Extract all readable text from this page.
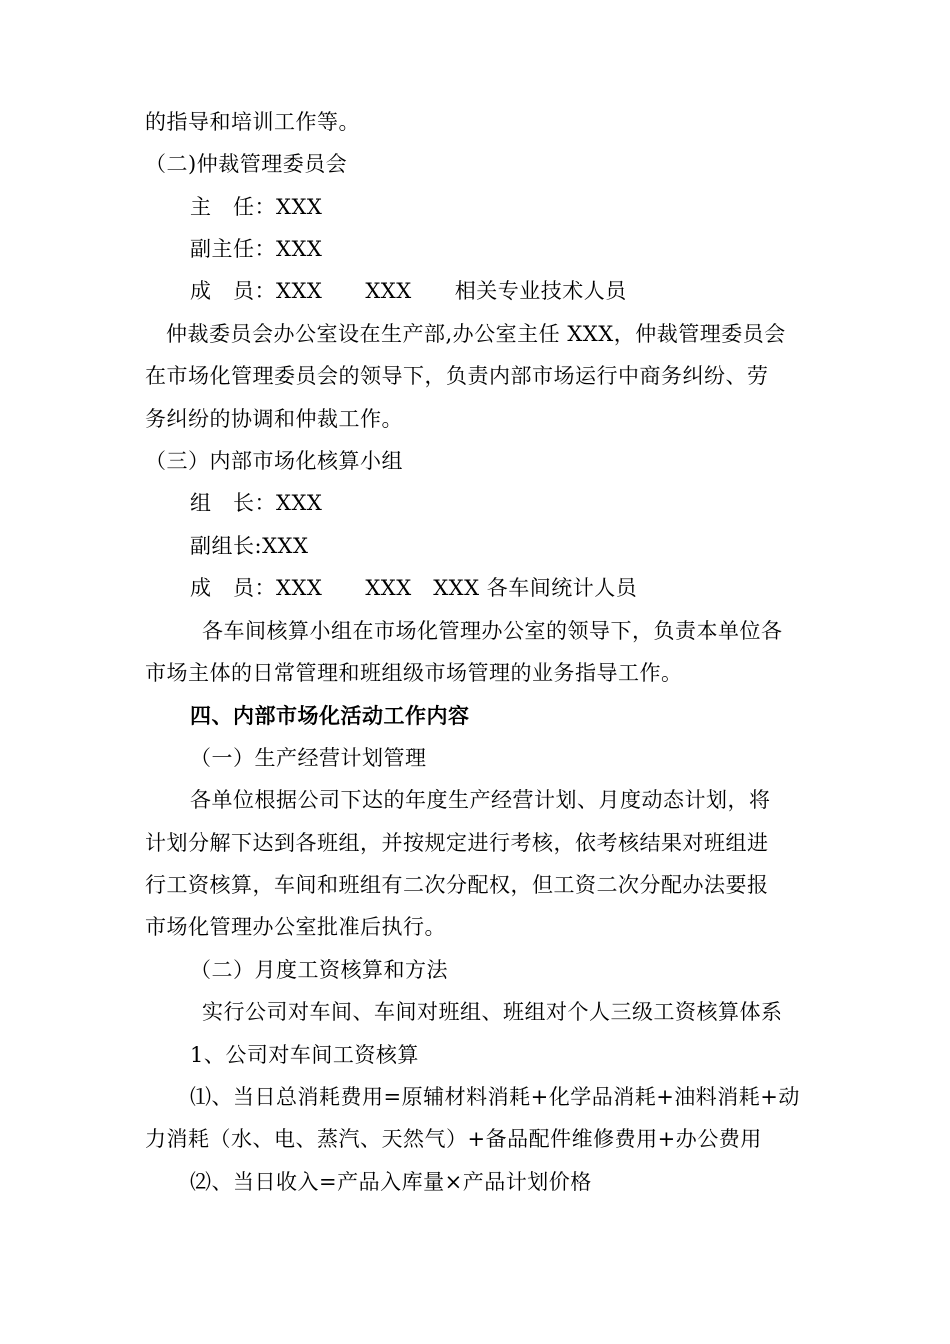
的指导和培训工作等。
（二)仲裁管理委员会
主　任：XXX
副主任：XXX
成　员：XXX　　XXX　　相关专业技术人员
仲裁委员会办公室设在生产部,办公室主任 XXX，仲裁管理委员会
在市场化管理委员会的领导下，负责内部市场运行中商务纠纷、劳
务纠纷的协调和仲裁工作。
（三）内部市场化核算小组
组　长：XXX
副组长:XXX
成　员：XXX　　XXX　XXX 各车间统计人员
各车间核算小组在市场化管理办公室的领导下，负责本单位各
市场主体的日常管理和班组级市场管理的业务指导工作。
四、内部市场化活动工作内容
（一）生产经营计划管理
各单位根据公司下达的年度生产经营计划、月度动态计划，将
计划分解下达到各班组，并按规定进行考核，依考核结果对班组进
行工资核算，车间和班组有二次分配权，但工资二次分配办法要报
市场化管理办公室批准后执行。
（二）月度工资核算和方法
实行公司对车间、车间对班组、班组对个人三级工资核算体系
1、公司对车间工资核算
⑴、当日总消耗费用=原辅材料消耗+化学品消耗+油料消耗+动
力消耗（水、电、蒸汽、天然气）+备品配件维修费用+办公费用
⑵、当日收入=产品入库量×产品计划价格
